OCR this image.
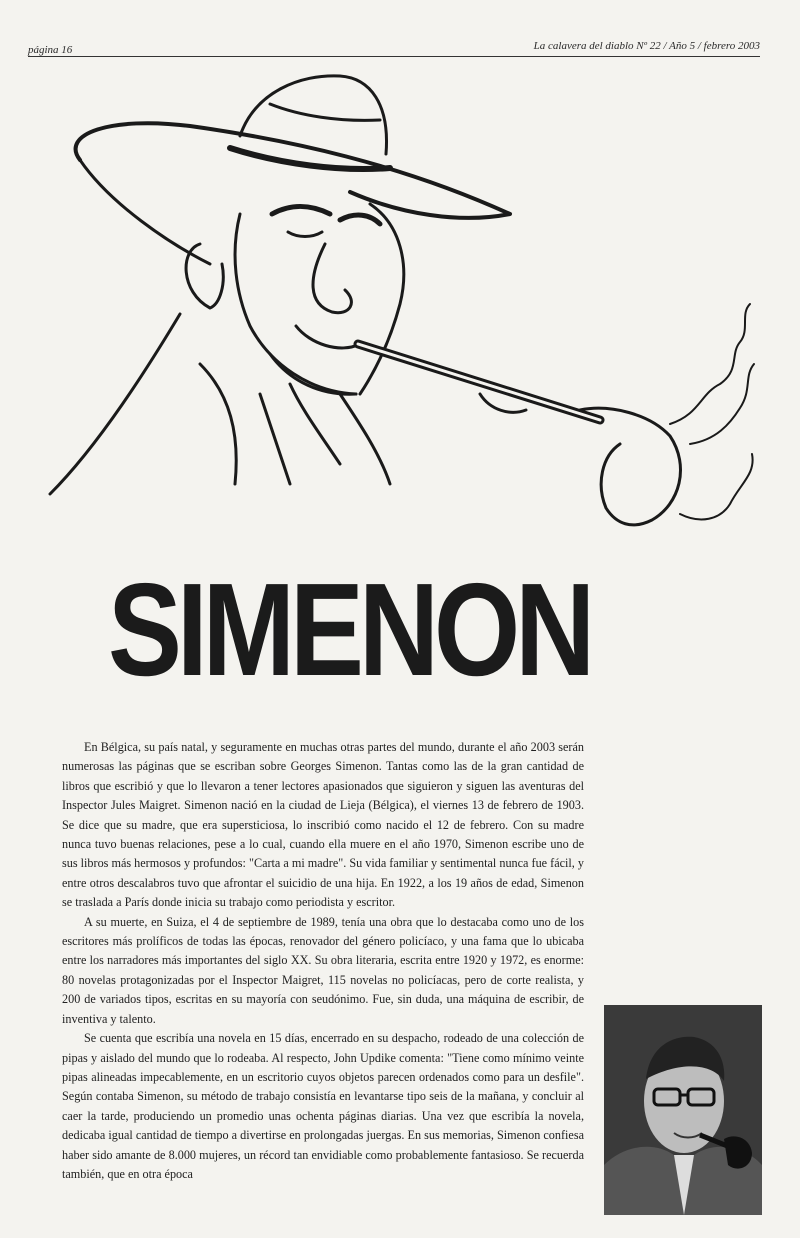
página 16	La calavera del diablo Nº 22 / Año 5 / febrero 2003
SIMENON

En Bélgica, su país natal, y seguramente en muchas otras partes del mundo, durante el año 2003 serán numerosas las páginas que se escriban sobre Georges Simenon. Tantas como las de la gran cantidad de libros que escribió y que lo llevaron a tener lectores apasionados que siguieron y siguen las aventuras del Inspector Jules Maigret. Simenon nació en la ciudad de Lieja (Bélgica), el viernes 13 de febrero de 1903. Se dice que su madre, que era supersticiosa, lo inscribió como nacido el 12 de febrero. Con su madre nunca tuvo buenas relaciones, pese a lo cual, cuando ella muere en el año 1970, Simenon escribe uno de sus libros más hermosos y profundos: "Carta a mi madre". Su vida familiar y sentimental nunca fue fácil, y entre otros descalabros tuvo que afrontar el suicidio de una hija. En 1922, a los 19 años de edad, Simenon se traslada a París donde inicia su trabajo como periodista y escritor.

A su muerte, en Suiza, el 4 de septiembre de 1989, tenía una obra que lo destacaba como uno de los escritores más prolíficos de todas las épocas, renovador del género policíaco, y una fama que lo ubicaba entre los narradores más importantes del siglo XX. Su obra literaria, escrita entre 1920 y 1972, es enorme: 80 novelas protagonizadas por el Inspector Maigret, 115 novelas no policíacas, pero de corte realista, y 200 de variados tipos, escritas en su mayoría con seudónimo. Fue, sin duda, una máquina de escribir, de inventiva y talento.

Se cuenta que escribía una novela en 15 días, encerrado en su despacho, rodeado de una colección de pipas y aislado del mundo que lo rodeaba. Al respecto, John Updike comenta: "Tiene como mínimo veinte pipas alineadas impecablemente, en un escritorio cuyos objetos parecen ordenados como para un desfile". Según contaba Simenon, su método de trabajo consistía en levantarse tipo seis de la mañana, y concluir al caer la tarde, produciendo un promedio unas ochenta páginas diarias. Una vez que escribía la novela, dedicaba igual cantidad de tiempo a divertirse en prolongadas juergas. En sus memorias, Simenon confiesa haber sido amante de 8.000 mujeres, un récord tan envidiable como probablemente fantasioso. Se recuerda también, que en otra época
